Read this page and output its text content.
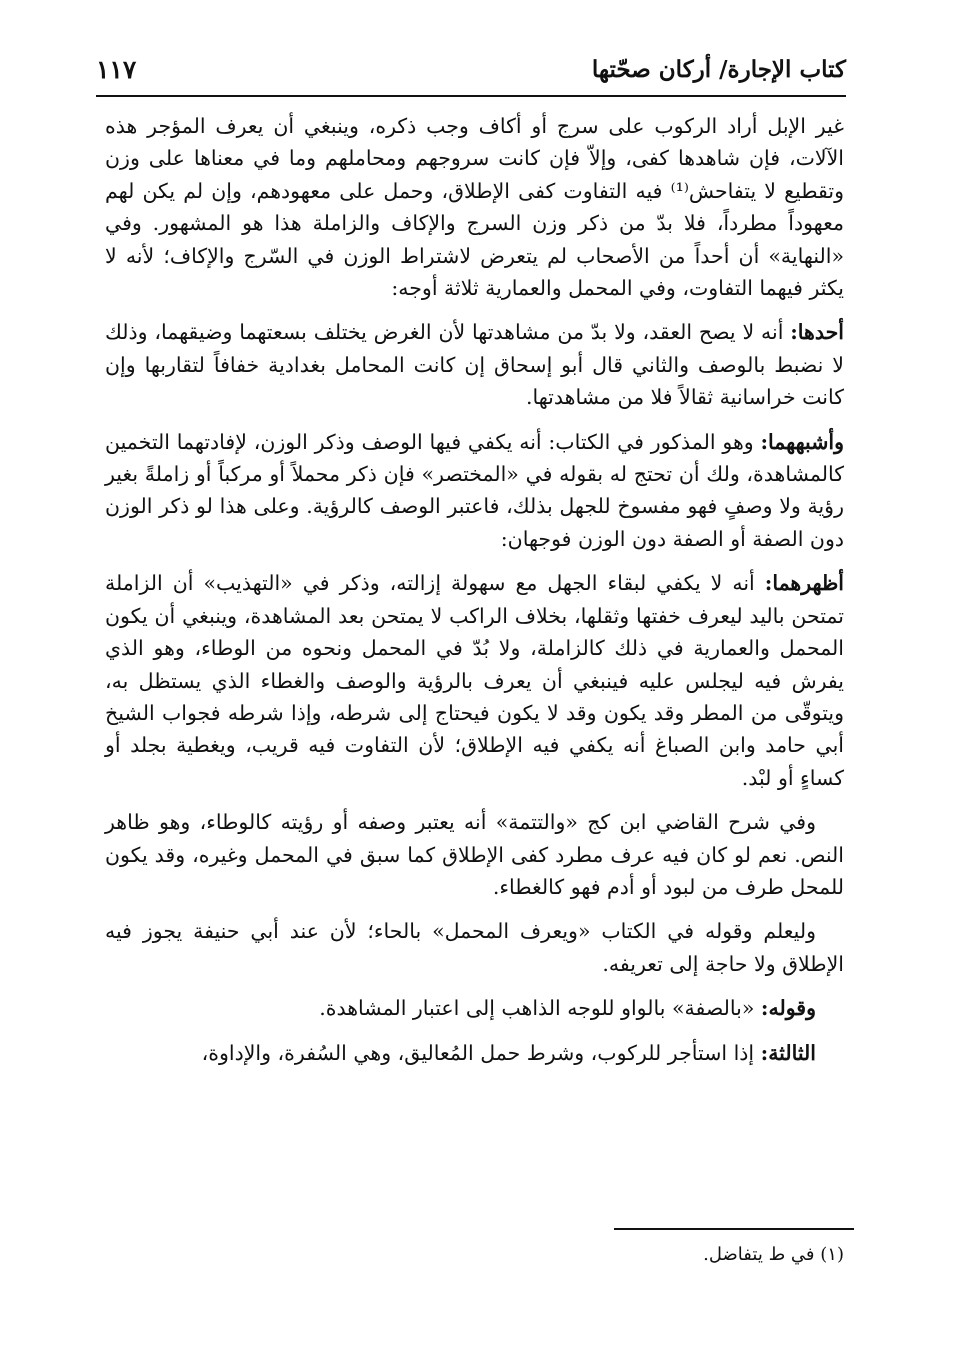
كتاب الإجارة/ أركان صحّتها
١١٧

غير الإبل أراد الركوب على سرج أو أكاف وجب ذكره، وينبغي أن يعرف المؤجر هذه الآلات، فإن شاهدها كفى، وإلاّ فإن كانت سروجهم ومحاملهم وما في معناها على وزن وتقطيع لا يتفاحش⁽¹⁾ فيه التفاوت كفى الإطلاق، وحمل على معهودهم، وإن لم يكن لهم معهوداً مطرداً، فلا بدّ من ذكر وزن السرج والإكاف والزاملة هذا هو المشهور. وفي «النهاية» أن أحداً من الأصحاب لم يتعرض لاشتراط الوزن في السّرج والإكاف؛ لأنه لا يكثر فيهما التفاوت، وفي المحمل والعمارية ثلاثة أوجه:

أحدها: أنه لا يصح العقد، ولا بدّ من مشاهدتها لأن الغرض يختلف بسعتهما وضيقهما، وذلك لا نضبط بالوصف والثاني قال أبو إسحاق إن كانت المحامل بغدادية خفافاً لتقاربها وإن كانت خراسانية ثقالاً فلا من مشاهدتها.

وأشبههما: وهو المذكور في الكتاب: أنه يكفي فيها الوصف وذكر الوزن، لإفادتهما التخمين كالمشاهدة، ولك أن تحتج له بقوله في «المختصر» فإن ذكر محملاً أو مركباً أو زاملةً بغير رؤية ولا وصفٍ فهو مفسوخ للجهل بذلك، فاعتبر الوصف كالرؤية. وعلى هذا لو ذكر الوزن دون الصفة أو الصفة دون الوزن فوجهان:

أظهرهما: أنه لا يكفي لبقاء الجهل مع سهولة إزالته، وذكر في «التهذيب» أن الزاملة تمتحن باليد ليعرف خفتها وثقلها، بخلاف الراكب لا يمتحن بعد المشاهدة، وينبغي أن يكون المحمل والعمارية في ذلك كالزاملة، ولا بُدّ في المحمل ونحوه من الوطاء، وهو الذي يفرش فيه ليجلس عليه فينبغي أن يعرف بالرؤية والوصف والغطاء الذي يستظل به، ويتوقّى من المطر وقد يكون وقد لا يكون فيحتاج إلى شرطه، وإذا شرطه فجواب الشيخ أبي حامد وابن الصباغ أنه يكفي فيه الإطلاق؛ لأن التفاوت فيه قريب، ويغطية بجلد أو كساءٍ أو لبْد.

وفي شرح القاضي ابن كج «والتتمة» أنه يعتبر وصفه أو رؤيته كالوطاء، وهو ظاهر النص. نعم لو كان فيه عرف مطرد كفى الإطلاق كما سبق في المحمل وغيره، وقد يكون للمحل طرف من لبود أو أدم فهو كالغطاء.

وليعلم وقوله في الكتاب «ويعرف المحمل» بالحاء؛ لأن عند أبي حنيفة يجوز فيه الإطلاق ولا حاجة إلى تعريفه.

وقوله: «بالصفة» بالواو للوجه الذاهب إلى اعتبار المشاهدة.

الثالثة: إذا استأجر للركوب، وشرط حمل المُعاليق، وهي السُفرة، والإداوة،

(١) في ط يتفاضل.
